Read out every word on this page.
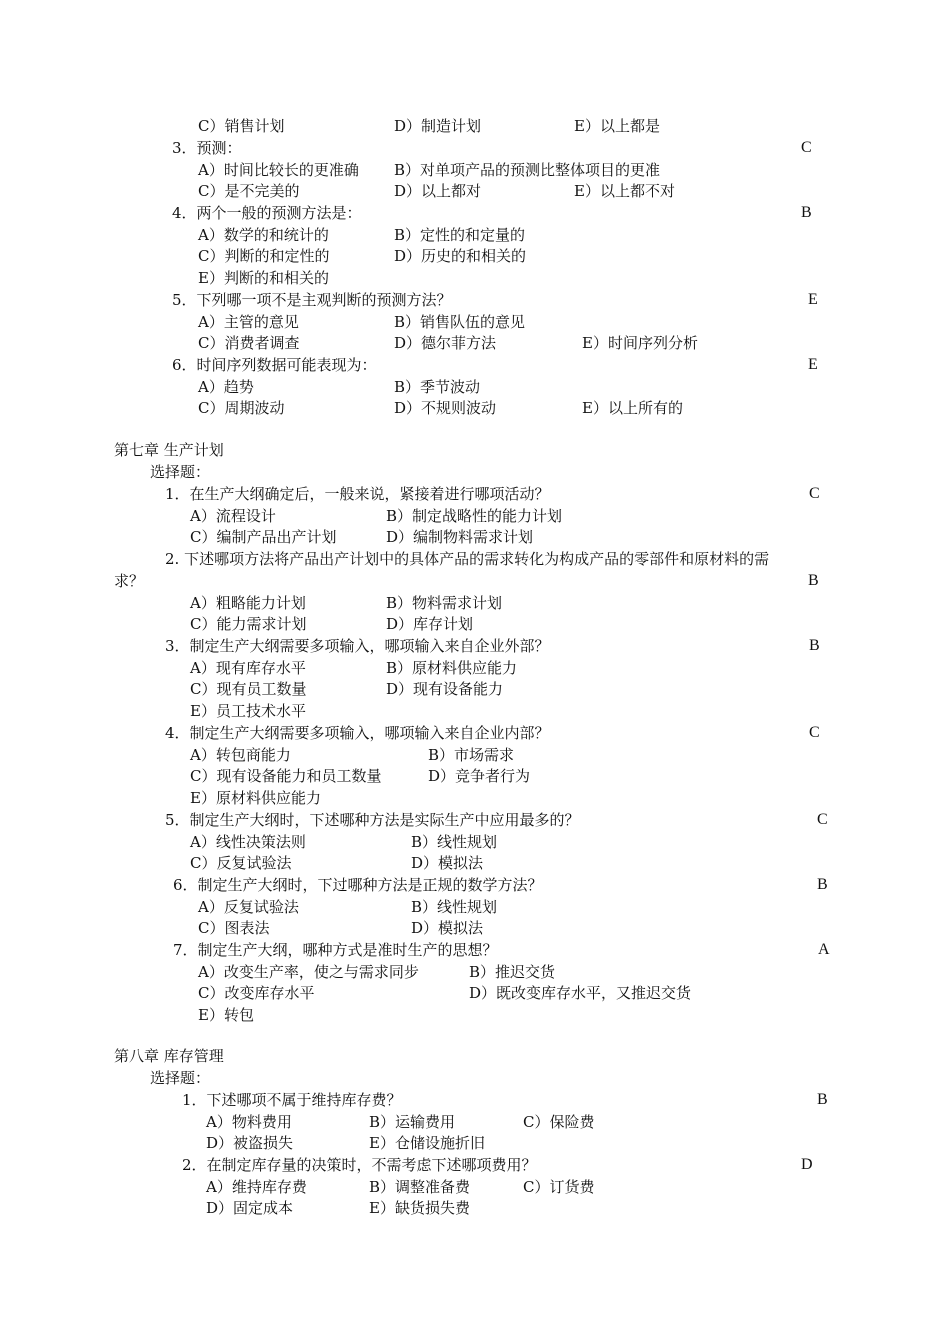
C）销售计划	D）制造计划	E）以上都是
3．预测：	C
A）时间比较长的更准确 B）对单项产品的预测比整体项目的更准
C）是不完美的	D）以上都对	E）以上都不对
4．两个一般的预测方法是：	B
A）数学的和统计的	B）定性的和定量的
C）判断的和定性的	D）历史的和相关的
E）判断的和相关的
5．下列哪一项不是主观判断的预测方法？	E
A）主管的意见	B）销售队伍的意见
C）消费者调查	D）德尔菲方法	E）时间序列分析
6．时间序列数据可能表现为：	E
A）趋势	B）季节波动
C）周期波动	D）不规则波动	E）以上所有的
第七章 生产计划
选择题：
1．在生产大纲确定后，一般来说，紧接着进行哪项活动？	C
A）流程设计	B）制定战略性的能力计划
C）编制产品出产计划	D）编制物料需求计划
2. 下述哪项方法将产品出产计划中的具体产品的需求转化为构成产品的零部件和原材料的需
求？	B
A）粗略能力计划	B）物料需求计划
C）能力需求计划	D）库存计划
3．制定生产大纲需要多项输入，哪项输入来自企业外部？	B
A）现有库存水平	B）原材料供应能力
C）现有员工数量	D）现有设备能力
E）员工技术水平
4．制定生产大纲需要多项输入，哪项输入来自企业内部？	C
A）转包商能力	B）市场需求
C）现有设备能力和员工数量	D）竞争者行为
E）原材料供应能力
5．制定生产大纲时，下述哪种方法是实际生产中应用最多的？	C
A）线性决策法则	B）线性规划
C）反复试验法	D）模拟法
6．制定生产大纲时，下过哪种方法是正规的数学方法？	B
A）反复试验法	B）线性规划
C）图表法	D）模拟法
7．制定生产大纲，哪种方式是准时生产的思想？	A
A）改变生产率，使之与需求同步	B）推迟交货
C）改变库存水平	D）既改变库存水平，又推迟交货
E）转包
第八章 库存管理
选择题：
1．下述哪项不属于维持库存费？	B
A）物料费用	B）运输费用	C）保险费
D）被盗损失	E）仓储设施折旧
2．在制定库存量的决策时，不需考虑下述哪项费用？	D
A）维持库存费	B）调整准备费	C）订货费
D）固定成本	E）缺货损失费
